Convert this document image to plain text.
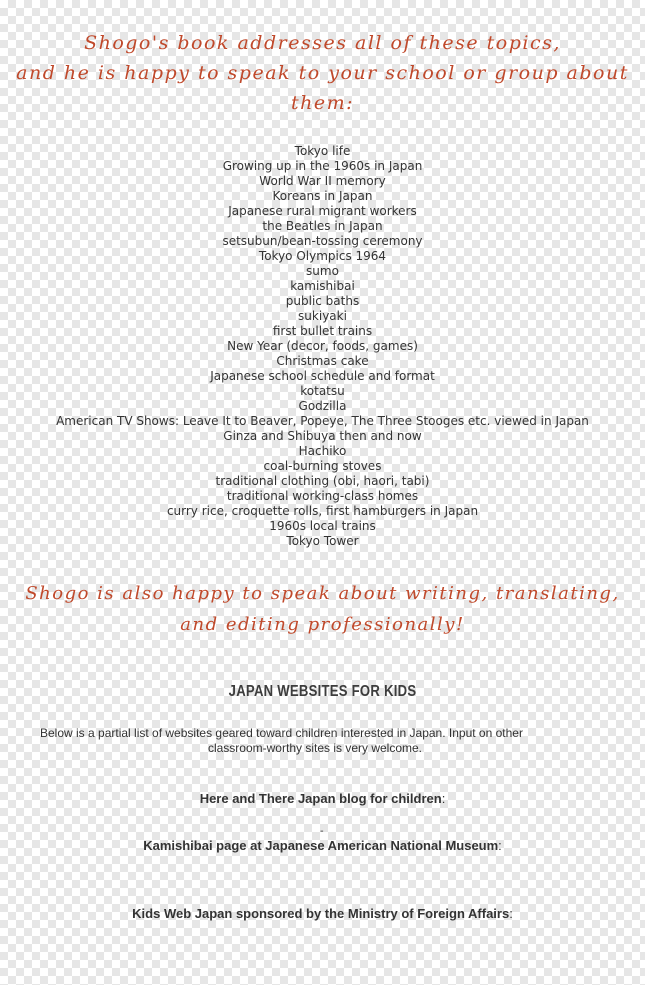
Shogo's book addresses all of these topics,
and he is happy to speak to your school or group about
them:
Tokyo life
Growing up in the 1960s in Japan
World War II memory
Koreans in Japan
Japanese rural migrant workers
the Beatles in Japan
setsubun/bean-tossing ceremony
Tokyo Olympics 1964
sumo
kamishibai
public baths
sukiyaki
first bullet trains
New Year (decor, foods, games)
Christmas cake
Japanese school schedule and format
kotatsu
Godzilla
American TV Shows: Leave It to Beaver, Popeye, The Three Stooges etc. viewed in Japan
Ginza and Shibuya then and now
Hachiko
coal-burning stoves
traditional clothing (obi, haori, tabi)
traditional working-class homes
curry rice, croquette rolls, first hamburgers in Japan
1960s local trains
Tokyo Tower
Shogo is also happy to speak about writing, translating,
and editing professionally!
JAPAN WEBSITES FOR KIDS
Below is a partial list of websites geared toward children interested in Japan. Input on other
classroom-worthy sites is very welcome.
Here and There Japan blog for children:
-
Kamishibai page at Japanese American National Museum:
Kids Web Japan sponsored by the Ministry of Foreign Affairs:
